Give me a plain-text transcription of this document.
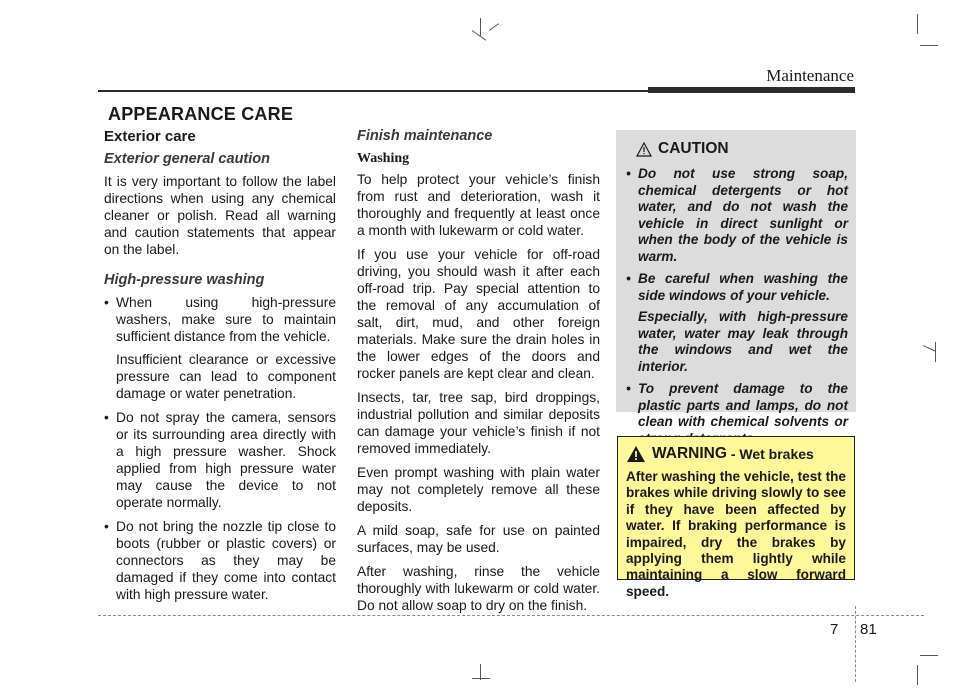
Maintenance
APPEARANCE CARE
Exterior care
Exterior general caution

It is very important to follow the label directions when using any chemical cleaner or polish. Read all warning and caution statements that appear on the label.

High-pressure washing
• When using high-pressure washers, make sure to maintain sufficient distance from the vehicle.
Insufficient clearance or excessive pressure can lead to component damage or water penetration.
• Do not spray the camera, sensors or its surrounding area directly with a high pressure washer. Shock applied from high pressure water may cause the device to not operate normally.
• Do not bring the nozzle tip close to boots (rubber or plastic covers) or connectors as they may be damaged if they come into contact with high pressure water.
Finish maintenance
Washing

To help protect your vehicle’s finish from rust and deterioration, wash it thoroughly and frequently at least once a month with lukewarm or cold water.

If you use your vehicle for off-road driving, you should wash it after each off-road trip. Pay special attention to the removal of any accumulation of salt, dirt, mud, and other foreign materials. Make sure the drain holes in the lower edges of the doors and rocker panels are kept clear and clean.

Insects, tar, tree sap, bird droppings, industrial pollution and similar deposits can damage your vehicle’s finish if not removed immediately.

Even prompt washing with plain water may not completely remove all these deposits.

A mild soap, safe for use on painted surfaces, may be used.

After washing, rinse the vehicle thoroughly with lukewarm or cold water. Do not allow soap to dry on the finish.

CAUTION
• Do not use strong soap, chemical detergents or hot water, and do not wash the vehicle in direct sunlight or when the body of the vehicle is warm.
• Be careful when washing the side windows of your vehicle.
Especially, with high-pressure water, water may leak through the windows and wet the interior.
• To prevent damage to the plastic parts and lamps, do not clean with chemical solvents or
WARNING - Wet brakes
After washing the vehicle, test the brakes while driving slowly to see if they have been affected by water. If braking performance is impaired, dry the brakes by applying them lightly while maintaining a slow forward speed.
7 81
